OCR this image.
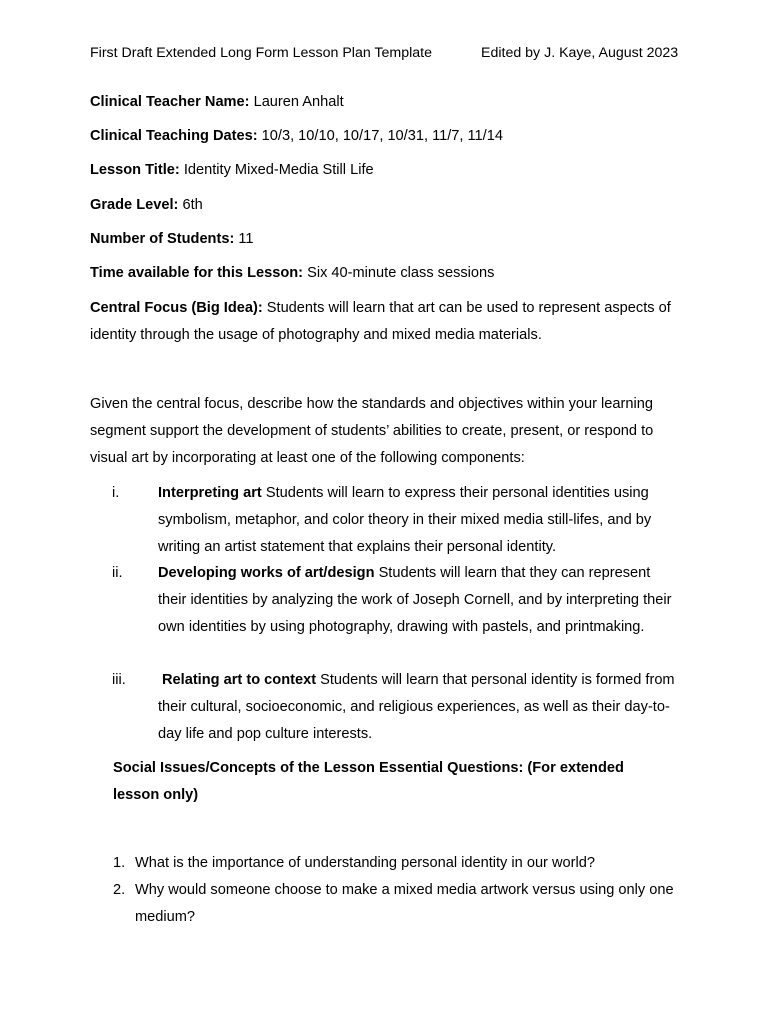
First Draft Extended Long Form Lesson Plan Template	Edited by J. Kaye, August 2023
Clinical Teacher Name: Lauren Anhalt
Clinical Teaching Dates: 10/3, 10/10, 10/17, 10/31, 11/7, 11/14
Lesson Title: Identity Mixed-Media Still Life
Grade Level: 6th
Number of Students: 11
Time available for this Lesson: Six 40-minute class sessions
Central Focus (Big Idea): Students will learn that art can be used to represent aspects of identity through the usage of photography and mixed media materials.
Given the central focus, describe how the standards and objectives within your learning segment support the development of students’ abilities to create, present, or respond to visual art by incorporating at least one of the following components:
i.	Interpreting art Students will learn to express their personal identities using symbolism, metaphor, and color theory in their mixed media still-lifes, and by writing an artist statement that explains their personal identity.
ii. Developing works of art/design Students will learn that they can represent their identities by analyzing the work of Joseph Cornell, and by interpreting their own identities by using photography, drawing with pastels, and printmaking.
iii. Relating art to context Students will learn that personal identity is formed from their cultural, socioeconomic, and religious experiences, as well as their day-to-day life and pop culture interests.
Social Issues/Concepts of the Lesson Essential Questions: (For extended lesson only)
1. What is the importance of understanding personal identity in our world?
2. Why would someone choose to make a mixed media artwork versus using only one medium?
